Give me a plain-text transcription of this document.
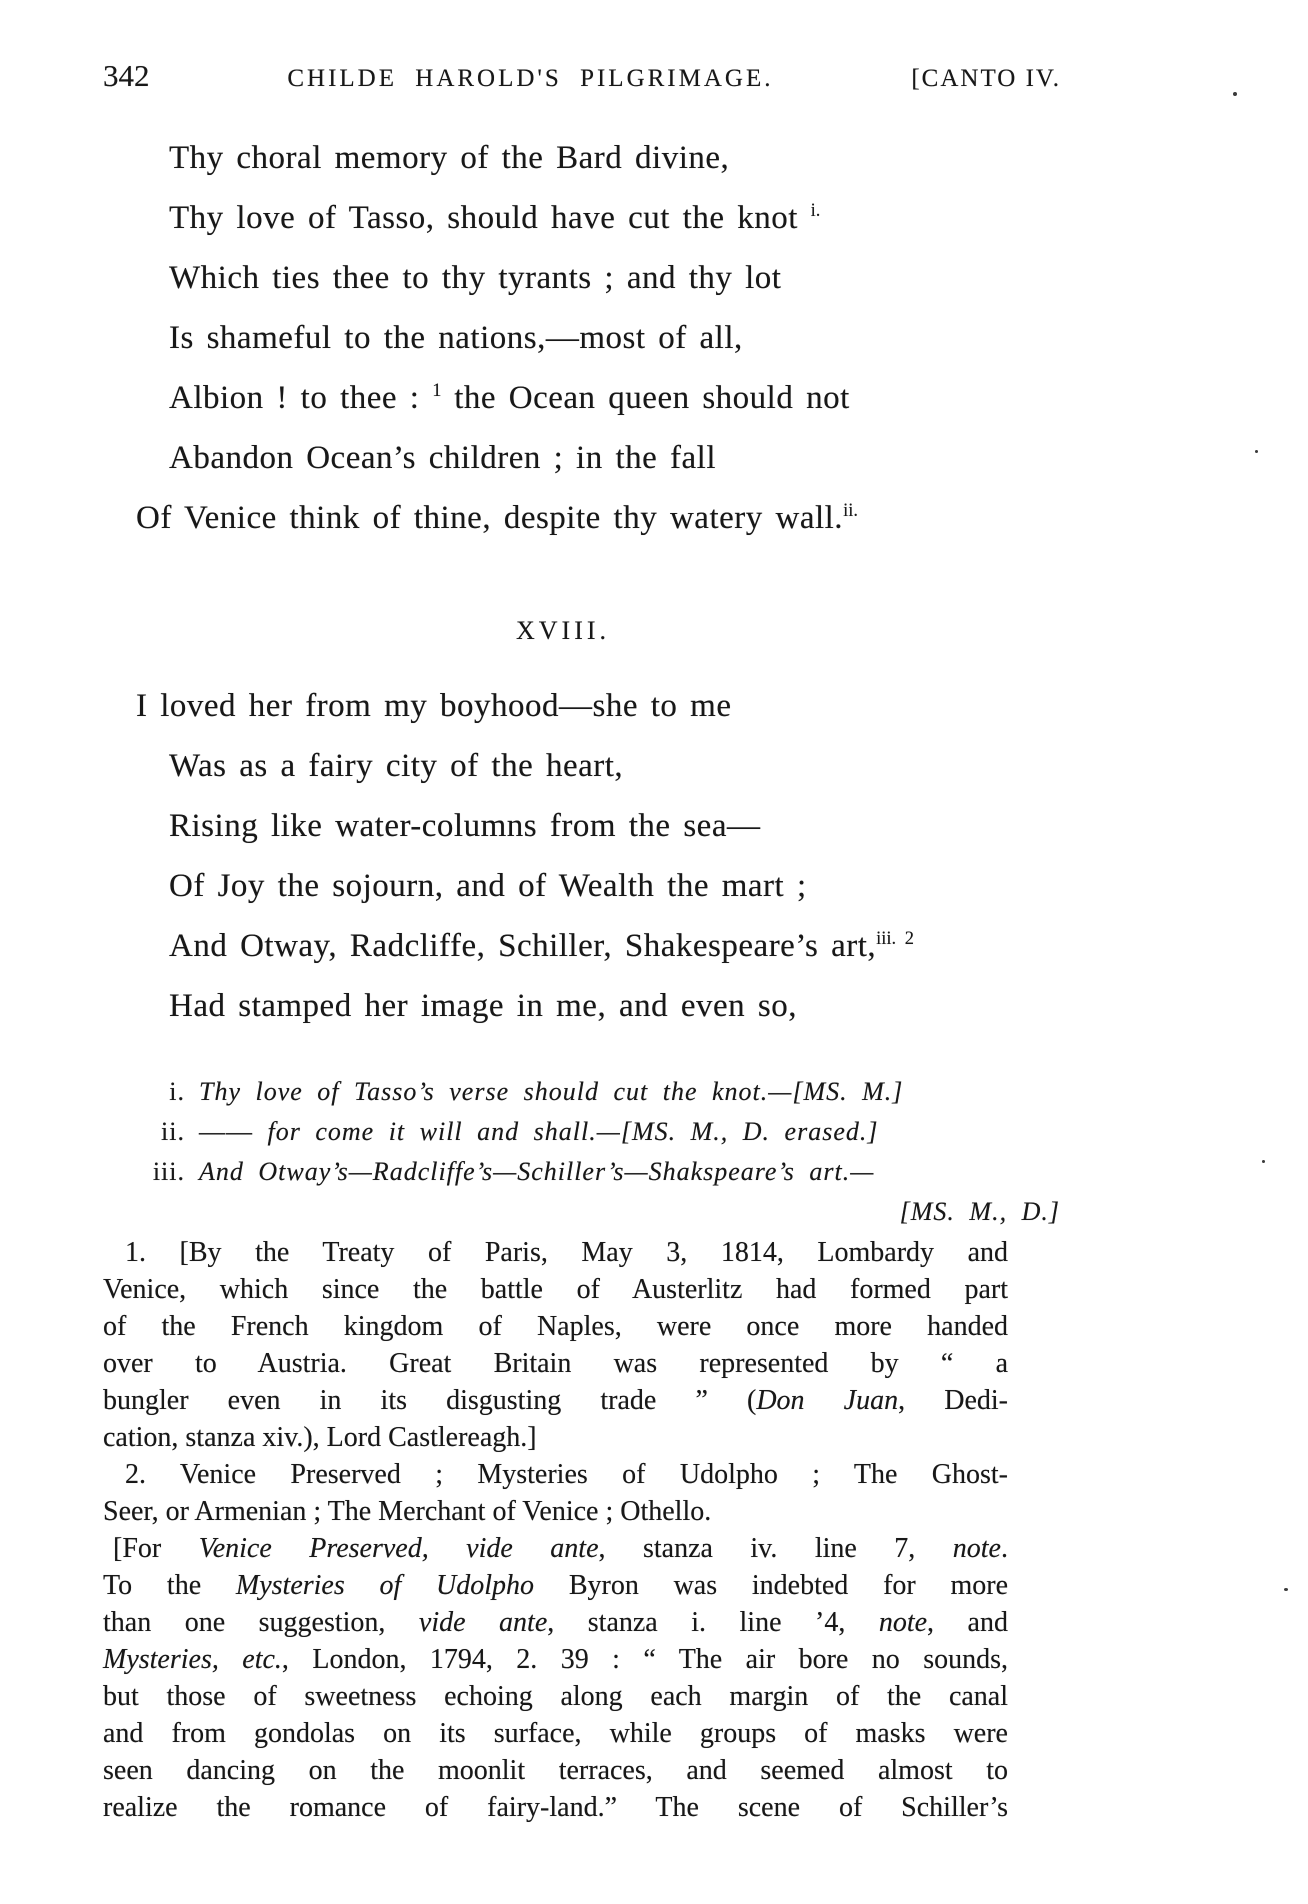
342	CHILDE HAROLD'S PILGRIMAGE.	[CANTO IV.
Thy choral memory of the Bard divine,
Thy love of Tasso, should have cut the knot $^{i.}$
Which ties thee to thy tyrants ; and thy lot
Is shameful to the nations,—most of all,
Albion ! to thee : $^1$ the Ocean queen should not
Abandon Ocean’s children ; in the fall
Of Venice think of thine, despite thy watery wall.$^{ii.}$
XVIII.
I loved her from my boyhood—she to me
Was as a fairy city of the heart,
Rising like water-columns from the sea—
Of Joy the sojourn, and of Wealth the mart ;
And Otway, Radcliffe, Schiller, Shakespeare’s art,$^{iii. 2}$
Had stamped her image in me, and even so,
i. Thy love of Tasso’s verse should cut the knot.—[MS. M.]
ii. —— for come it will and shall.—[MS. M., D. erased.]
iii. And Otway’s—Radcliffe’s—Schiller’s—Shakspeare’s art.—
[MS. M., D.]
1. [By the Treaty of Paris, May 3, 1814, Lombardy and
Venice, which since the battle of Austerlitz had formed part
of the French kingdom of Naples, were once more handed
over to Austria. Great Britain was represented by “ a
bungler even in its disgusting trade ” (Don Juan, Dedi-
cation, stanza xiv.), Lord Castlereagh.]
2. Venice Preserved ; Mysteries of Udolpho ; The Ghost-
Seer, or Armenian ; The Merchant of Venice ; Othello.
[For Venice Preserved, vide ante, stanza iv. line 7, note.
To the Mysteries of Udolpho Byron was indebted for more
than one suggestion, vide ante, stanza i. line ’4, note, and
Mysteries, etc., London, 1794, 2. 39 : “ The air bore no sounds,
but those of sweetness echoing along each margin of the canal
and from gondolas on its surface, while groups of masks were
seen dancing on the moonlit terraces, and seemed almost to
realize the romance of fairy-land.” The scene of Schiller’s
